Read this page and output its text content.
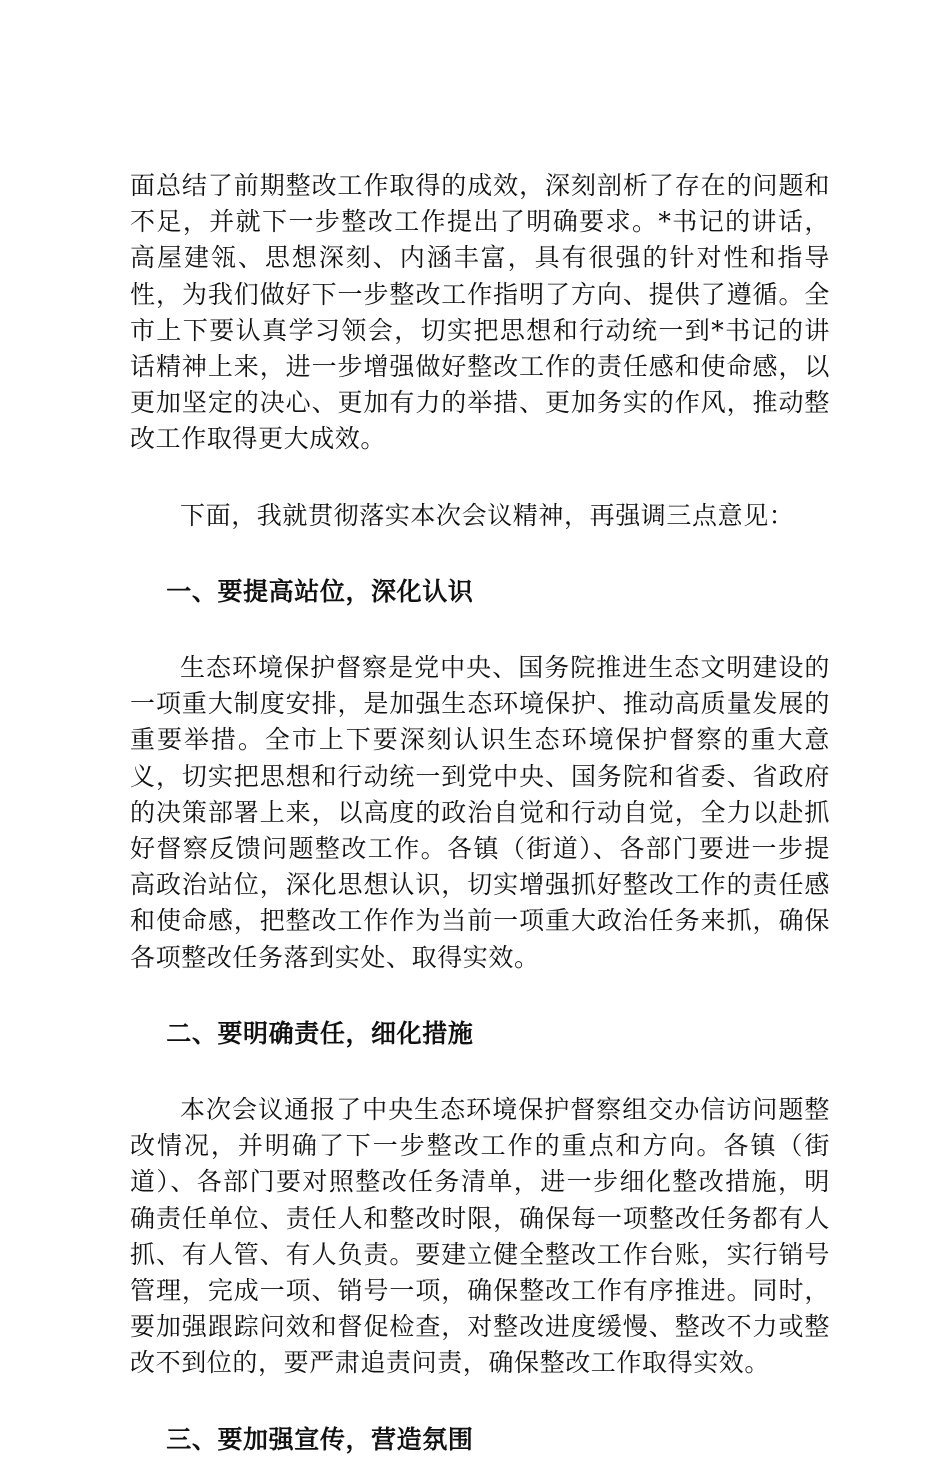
面总结了前期整改工作取得的成效，深刻剖析了存在的问题和不足，并就下一步整改工作提出了明确要求。*书记的讲话，高屋建瓴、思想深刻、内涵丰富，具有很强的针对性和指导性，为我们做好下一步整改工作指明了方向、提供了遵循。全市上下要认真学习领会，切实把思想和行动统一到*书记的讲话精神上来，进一步增强做好整改工作的责任感和使命感，以更加坚定的决心、更加有力的举措、更加务实的作风，推动整改工作取得更大成效。

下面，我就贯彻落实本次会议精神，再强调三点意见：

一、要提高站位，深化认识

生态环境保护督察是党中央、国务院推进生态文明建设的一项重大制度安排，是加强生态环境保护、推动高质量发展的重要举措。全市上下要深刻认识生态环境保护督察的重大意义，切实把思想和行动统一到党中央、国务院和省委、省政府的决策部署上来，以高度的政治自觉和行动自觉，全力以赴抓好督察反馈问题整改工作。各镇（街道）、各部门要进一步提高政治站位，深化思想认识，切实增强抓好整改工作的责任感和使命感，把整改工作作为当前一项重大政治任务来抓，确保各项整改任务落到实处、取得实效。

二、要明确责任，细化措施

本次会议通报了中央生态环境保护督察组交办信访问题整改情况，并明确了下一步整改工作的重点和方向。各镇（街道）、各部门要对照整改任务清单，进一步细化整改措施，明确责任单位、责任人和整改时限，确保每一项整改任务都有人抓、有人管、有人负责。要建立健全整改工作台账，实行销号管理，完成一项、销号一项，确保整改工作有序推进。同时，要加强跟踪问效和督促检查，对整改进度缓慢、整改不力或整改不到位的，要严肃追责问责，确保整改工作取得实效。

三、要加强宣传，营造氛围
